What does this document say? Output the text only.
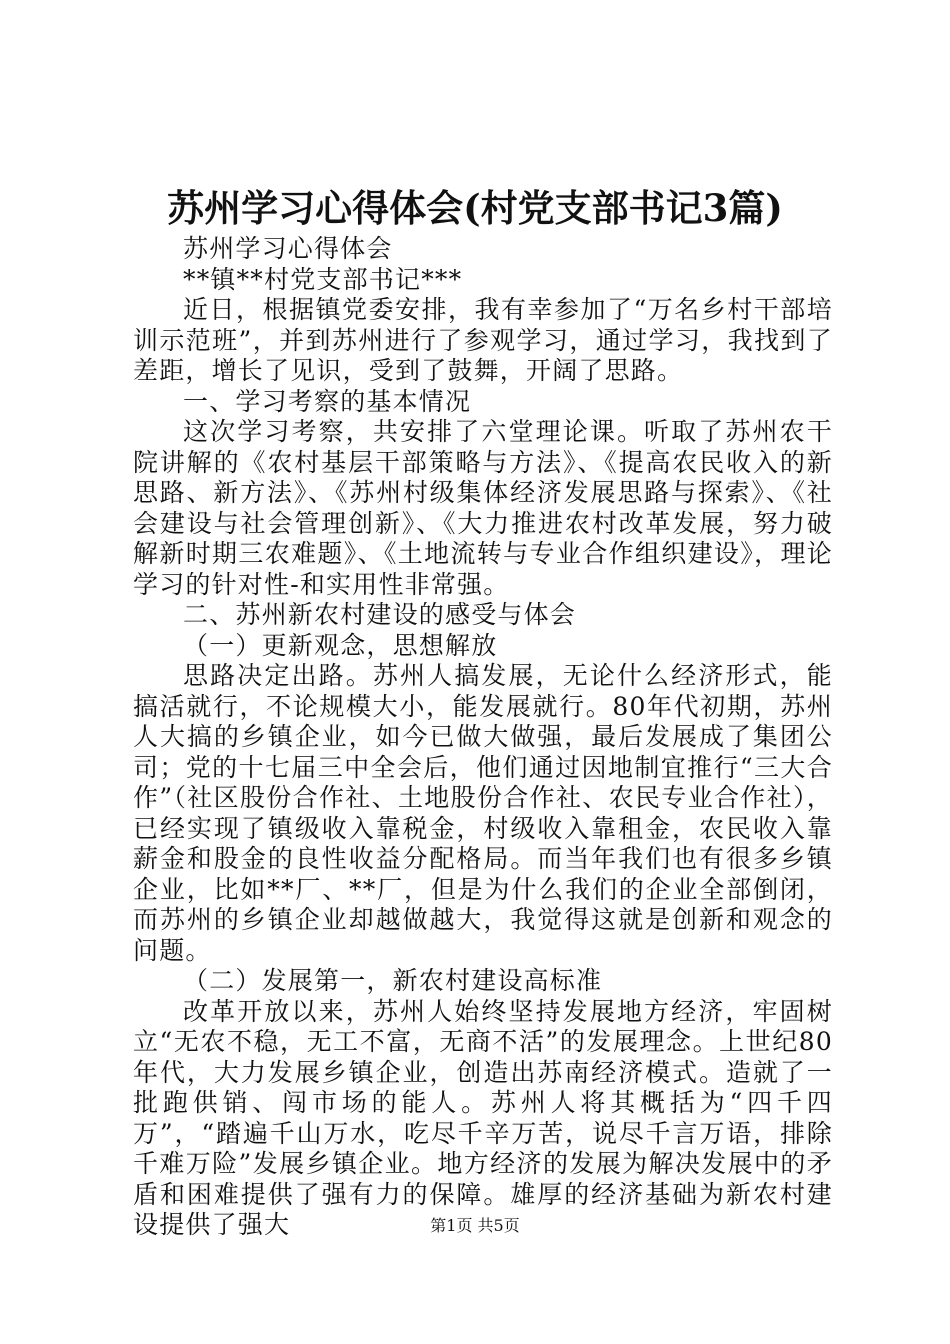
苏州学习心得体会(村党支部书记3篇)

苏州学习心得体会

**镇**村党支部书记***

近日，根据镇党委安排，我有幸参加了“万名乡村干部培训示范班”，并到苏州进行了参观学习，通过学习，我找到了差距，增长了见识，受到了鼓舞，开阔了思路。

一、学习考察的基本情况

这次学习考察，共安排了六堂理论课。听取了苏州农干院讲解的《农村基层干部策略与方法》、《提高农民收入的新思路、新方法》、《苏州村级集体经济发展思路与探索》、《社会建设与社会管理创新》、《大力推进农村改革发展，努力破解新时期三农难题》、《土地流转与专业合作组织建设》，理论学习的针对性-和实用性非常强。

二、苏州新农村建设的感受与体会

（一）更新观念，思想解放

思路决定出路。苏州人搞发展，无论什么经济形式，能搞活就行，不论规模大小，能发展就行。80年代初期，苏州人大搞的乡镇企业，如今已做大做强，最后发展成了集团公司；党的十七届三中全会后，他们通过因地制宜推行“三大合作”（社区股份合作社、土地股份合作社、农民专业合作社），已经实现了镇级收入靠税金，村级收入靠租金，农民收入靠薪金和股金的良性收益分配格局。而当年我们也有很多乡镇企业，比如**厂、**厂，但是为什么我们的企业全部倒闭，而苏州的乡镇企业却越做越大，我觉得这就是创新和观念的问题。

（二）发展第一，新农村建设高标准

改革开放以来，苏州人始终坚持发展地方经济，牢固树立“无农不稳，无工不富，无商不活”的发展理念。上世纪80年代，大力发展乡镇企业，创造出苏南经济模式。造就了一批跑供销、闯市场的能人。苏州人将其概括为“四千四万”，“踏遍千山万水，吃尽千辛万苦，说尽千言万语，排除千难万险”发展乡镇企业。地方经济的发展为解决发展中的矛盾和困难提供了强有力的保障。雄厚的经济基础为新农村建设提供了强大	第1页 共5页
